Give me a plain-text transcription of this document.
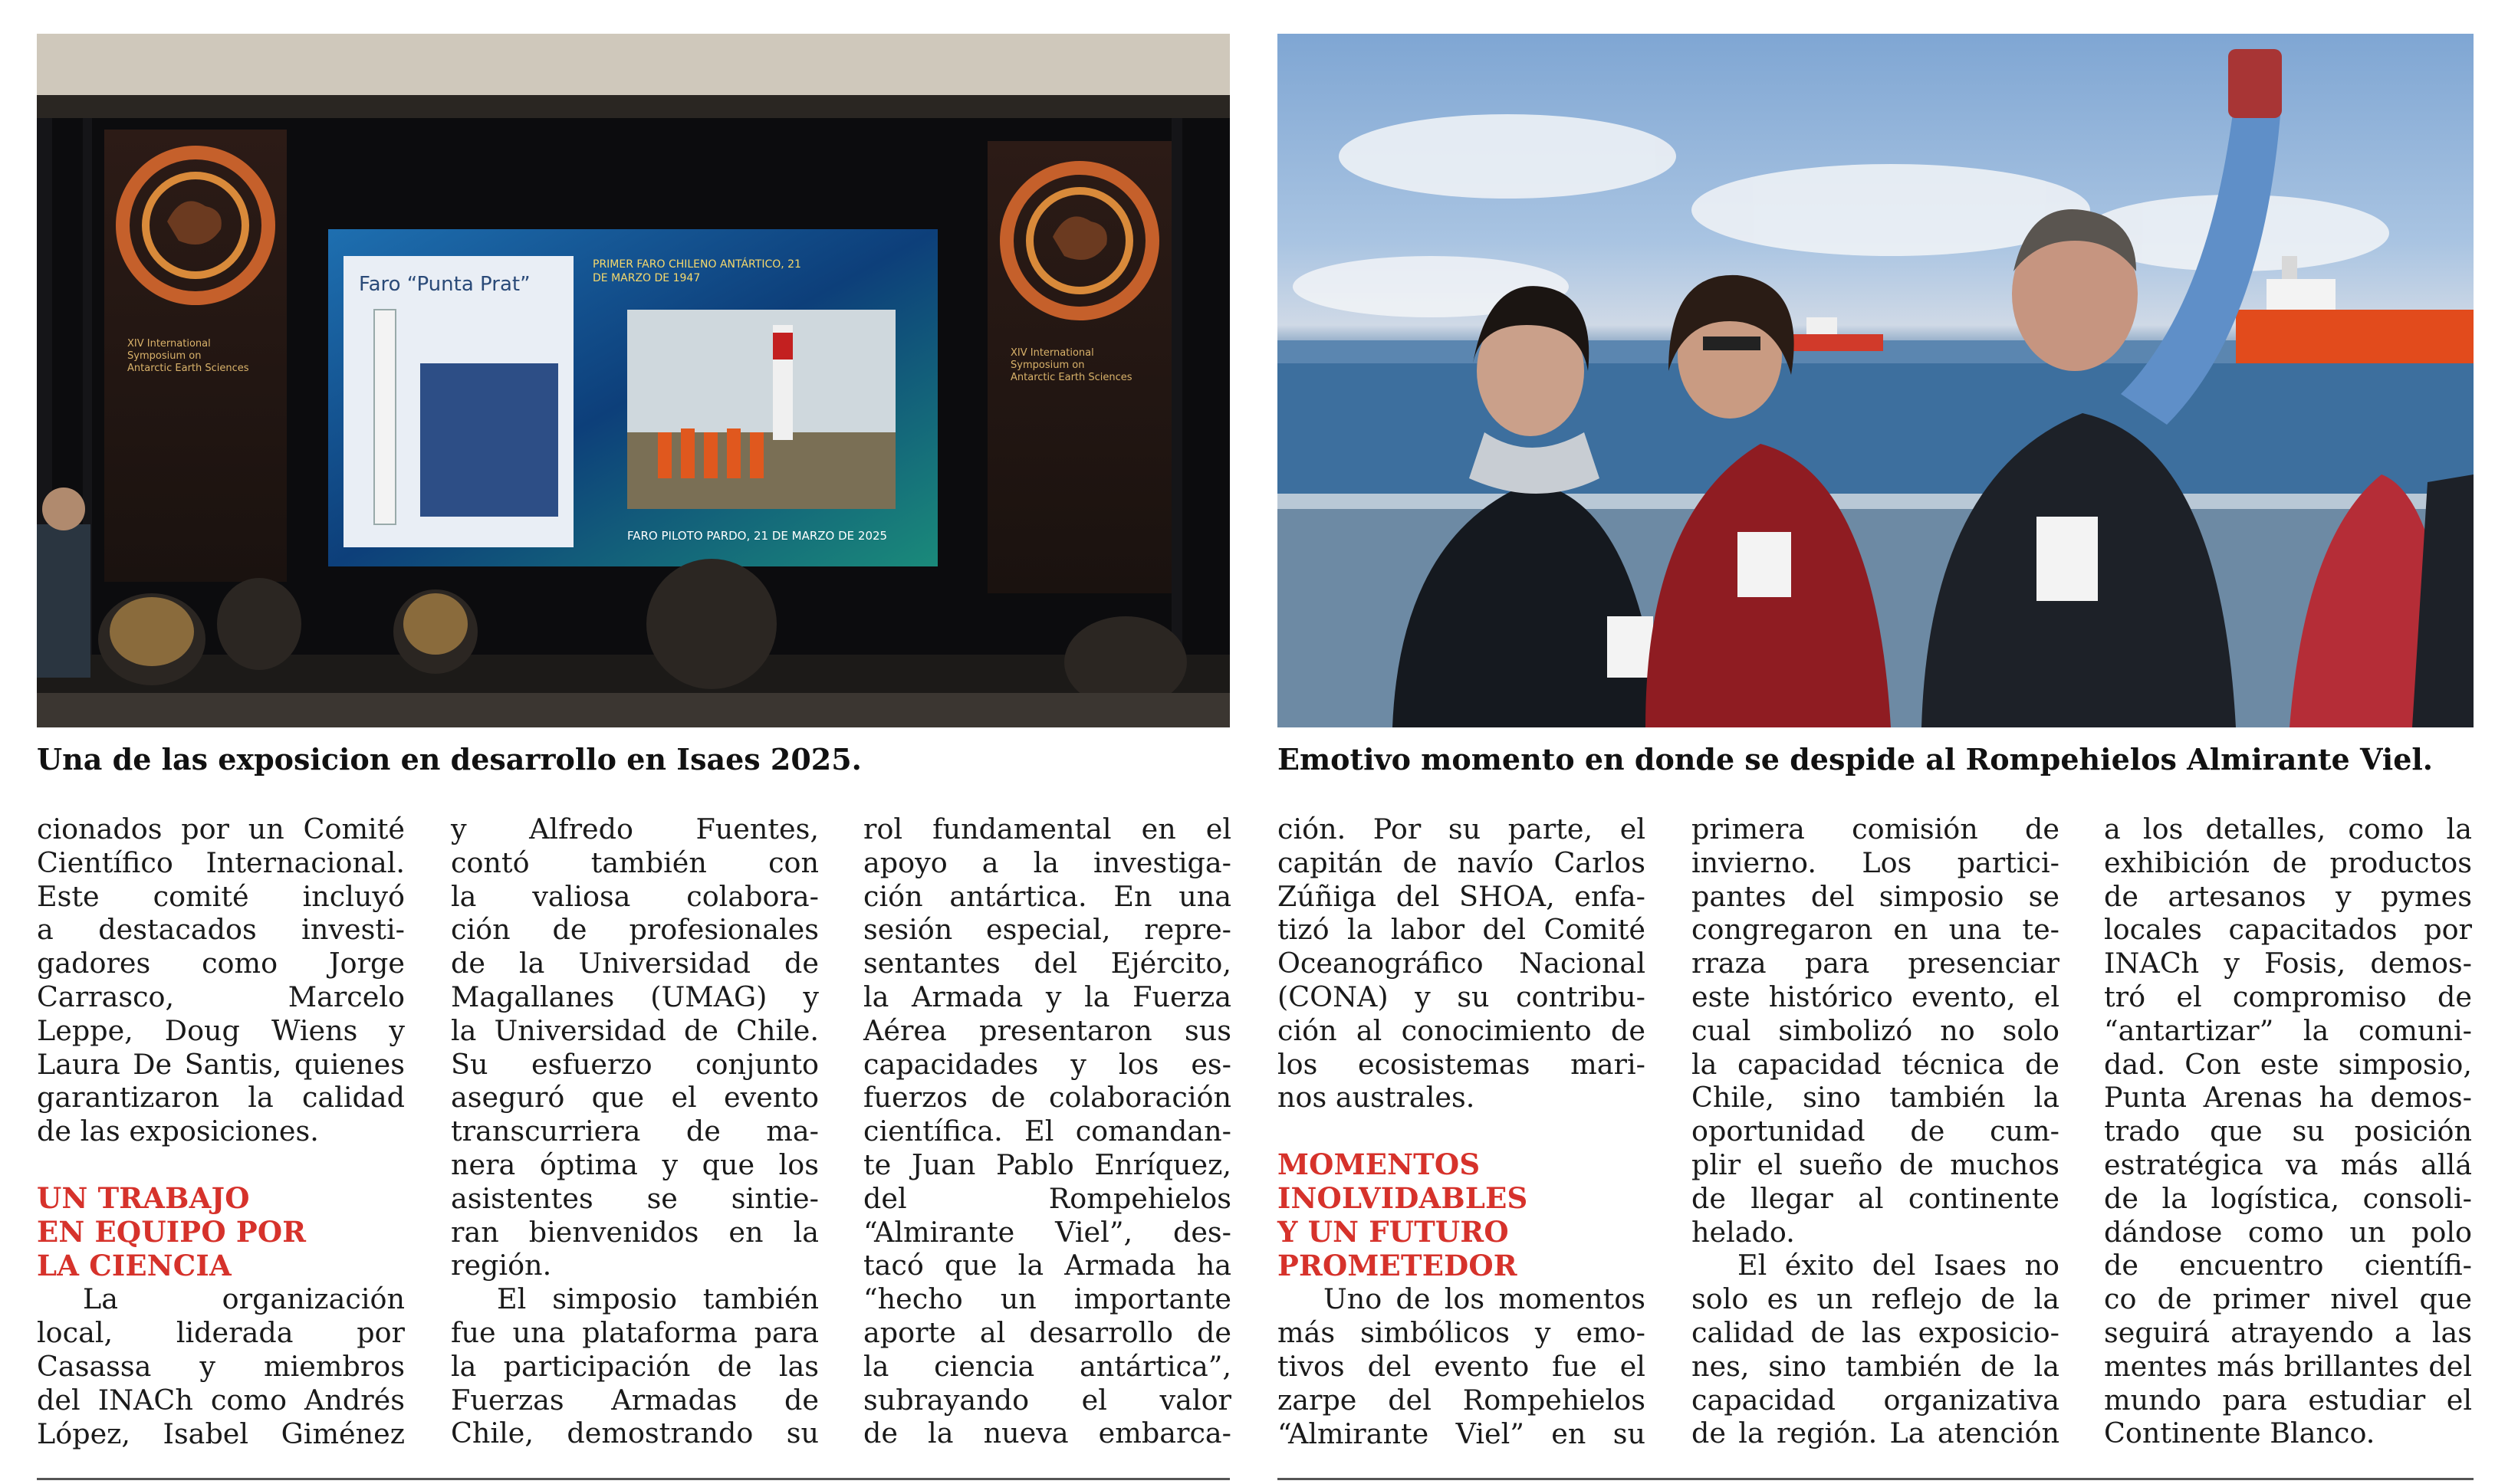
XIV International
Symposium on
Antarctic Earth Sciences
XIV International
Symposium on
Antarctic Earth Sciences
Faro “Punta Prat”
PRIMER FARO CHILENO ANTÁRTICO, 21
DE MARZO DE 1947
FARO PILOTO PARDO, 21 DE MARZO DE 2025
Una de las exposicion en desarrollo en Isaes 2025.	Emotivo momento en donde se despide al Rompehielos Almirante Viel.
cionados por un Comité
Científico Internacional.
Este comité incluyó
a destacados investi-
gadores como Jorge
Carrasco, Marcelo
Leppe, Doug Wiens y
Laura De Santis, quienes
garantizaron la calidad
de las exposiciones.
UN TRABAJO
EN EQUIPO POR
LA CIENCIA
La organización
local, liderada por
Casassa y miembros
del INACh como Andrés
López, Isabel Giménez
y Alfredo Fuentes,
contó también con
la valiosa colabora-
ción de profesionales
de la Universidad de
Magallanes (UMAG) y
la Universidad de Chile.
Su esfuerzo conjunto
aseguró que el evento
transcurriera de ma-
nera óptima y que los
asistentes se sintie-
ran bienvenidos en la
región.
El simposio también
fue una plataforma para
la participación de las
Fuerzas Armadas de
Chile, demostrando su
rol fundamental en el
apoyo a la investiga-
ción antártica. En una
sesión especial, repre-
sentantes del Ejército,
la Armada y la Fuerza
Aérea presentaron sus
capacidades y los es-
fuerzos de colaboración
científica. El comandan-
te Juan Pablo Enríquez,
del Rompehielos
“Almirante Viel”, des-
tacó que la Armada ha
“hecho un importante
aporte al desarrollo de
la ciencia antártica”,
subrayando el valor
de la nueva embarca-
ción. Por su parte, el
capitán de navío Carlos
Zúñiga del SHOA, enfa-
tizó la labor del Comité
Oceanográfico Nacional
(CONA) y su contribu-
ción al conocimiento de
los ecosistemas mari-
nos australes.
MOMENTOS
INOLVIDABLES
Y UN FUTURO
PROMETEDOR
Uno de los momentos
más simbólicos y emo-
tivos del evento fue el
zarpe del Rompehielos
“Almirante Viel” en su
primera comisión de
invierno. Los partici-
pantes del simposio se
congregaron en una te-
rraza para presenciar
este histórico evento, el
cual simbolizó no solo
la capacidad técnica de
Chile, sino también la
oportunidad de cum-
plir el sueño de muchos
de llegar al continente
helado.
El éxito del Isaes no
solo es un reflejo de la
calidad de las exposicio-
nes, sino también de la
capacidad organizativa
de la región. La atención
a los detalles, como la
exhibición de productos
de artesanos y pymes
locales capacitados por
INACh y Fosis, demos-
tró el compromiso de
“antartizar” la comuni-
dad. Con este simposio,
Punta Arenas ha demos-
trado que su posición
estratégica va más allá
de la logística, consoli-
dándose como un polo
de encuentro científi-
co de primer nivel que
seguirá atrayendo a las
mentes más brillantes del
mundo para estudiar el
Continente Blanco.
